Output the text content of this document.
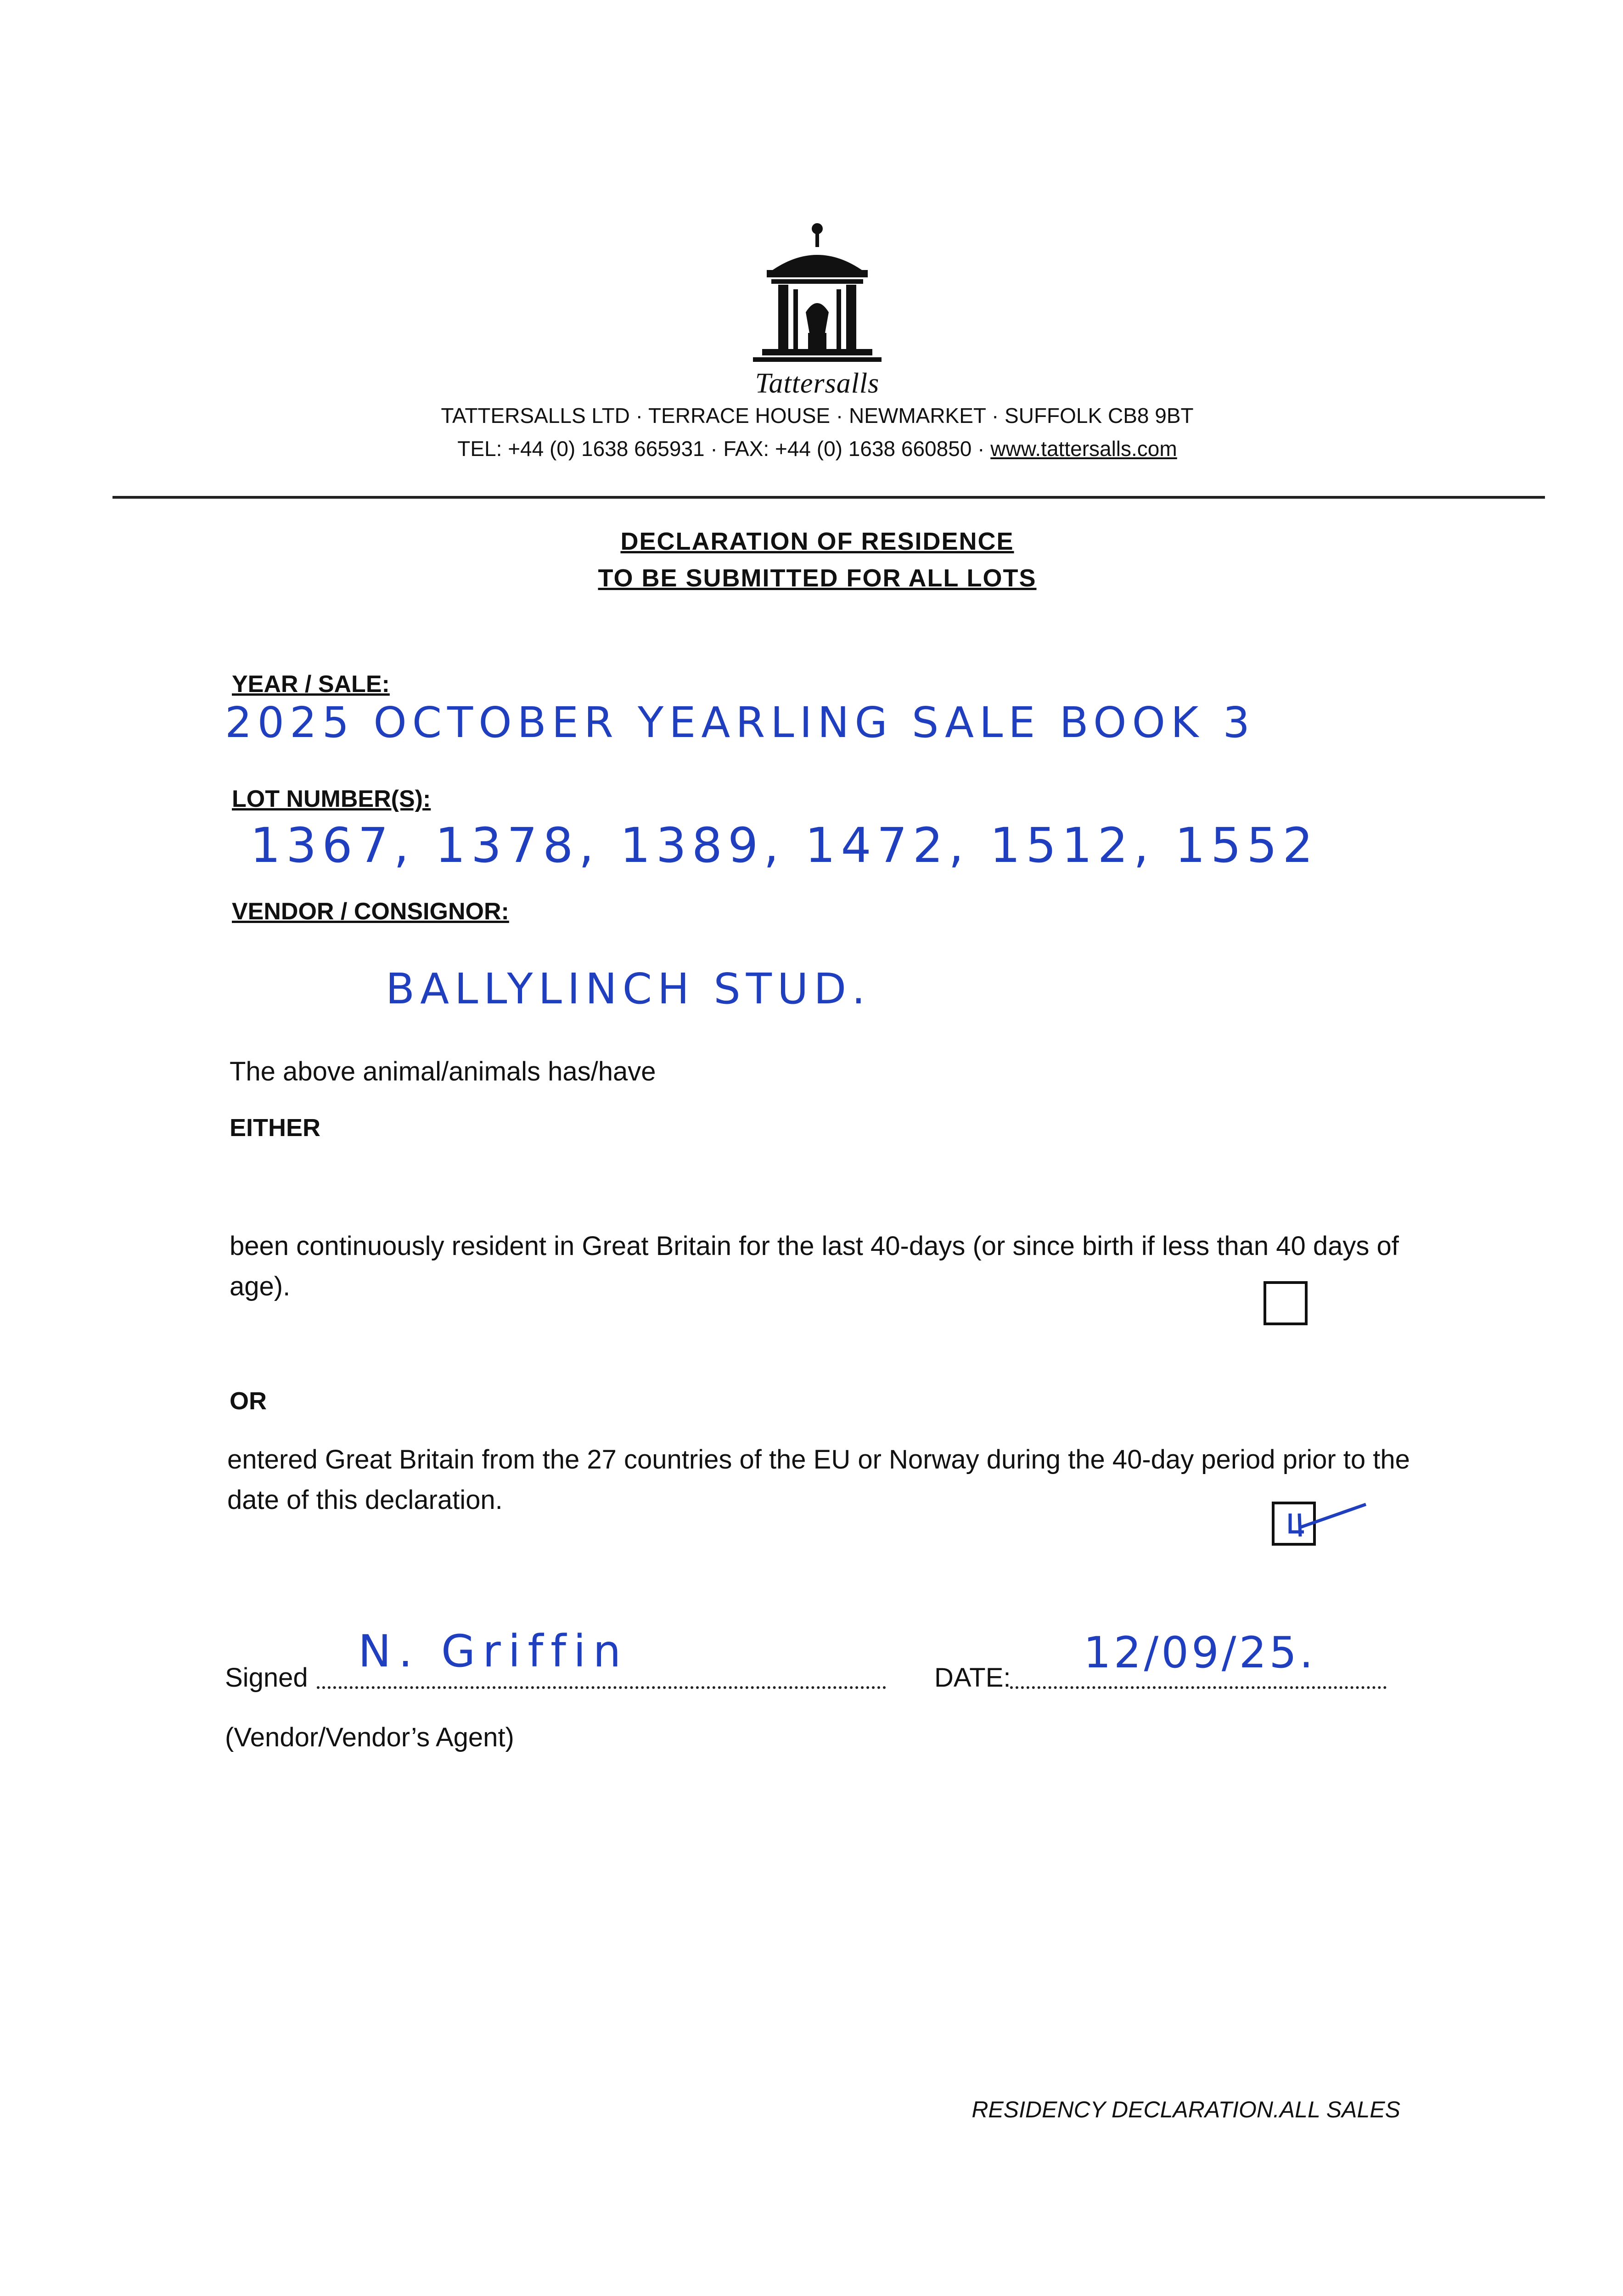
Tattersalls
TATTERSALLS LTD · TERRACE HOUSE · NEWMARKET · SUFFOLK CB8 9BT
TEL: +44 (0) 1638 665931 · FAX: +44 (0) 1638 660850 · www.tattersalls.com
DECLARATION OF RESIDENCE
TO BE SUBMITTED FOR ALL LOTS
YEAR / SALE:
2025 OCTOBER YEARLING SALE BOOK 3
LOT NUMBER(S):
1367, 1378, 1389, 1472, 1512, 1552
VENDOR / CONSIGNOR:
BALLYLINCH STUD.
The above animal/animals has/have
EITHER
been continuously resident in Great Britain for the last 40-days (or since birth if less than 40 days of age).
OR
entered Great Britain from the 27 countries of the EU or Norway during the 40-day period prior to the date of this declaration.
Signed
N. Griffin
DATE: 12/09/25.
(Vendor/Vendor’s Agent)
RESIDENCY DECLARATION.ALL SALES
